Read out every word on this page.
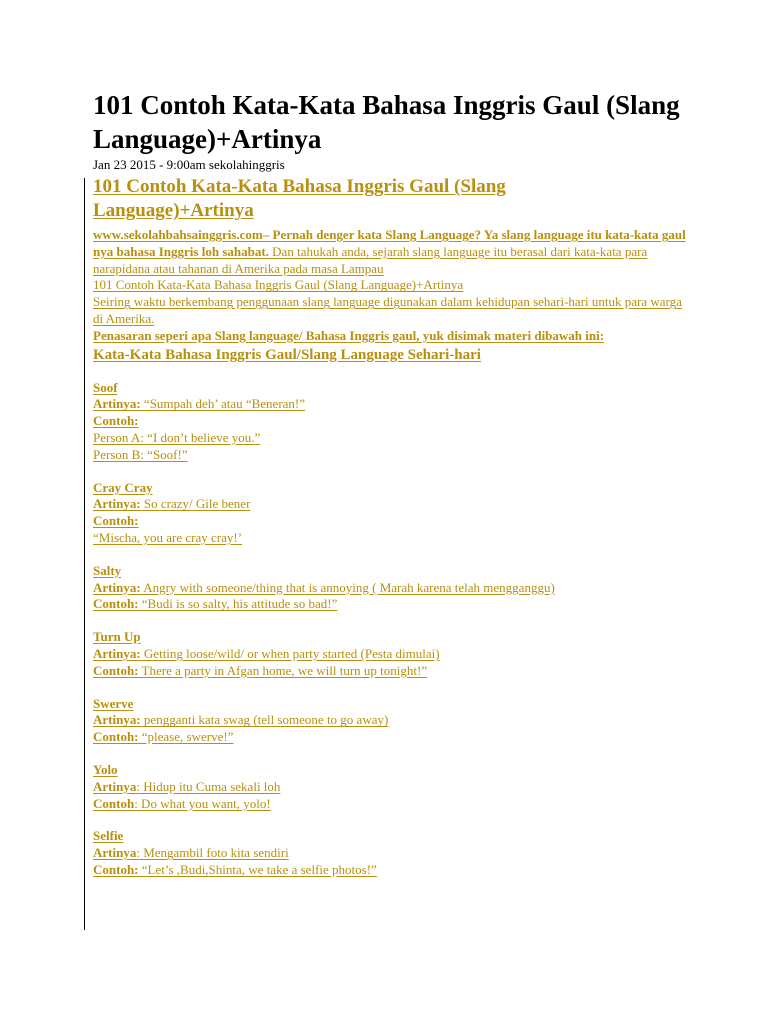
101 Contoh Kata-Kata Bahasa Inggris Gaul (Slang Language)+Artinya
Jan 23 2015 - 9:00am sekolahinggris
101 Contoh Kata-Kata Bahasa Inggris Gaul (Slang Language)+Artinya
www.sekolahbahsainggris.com– Pernah denger kata Slang Language? Ya slang language itu kata-kata gaul nya bahasa Inggris loh sahabat. Dan tahukah anda, sejarah slang language itu berasal dari kata-kata para narapidana atau tahanan di Amerika pada masa Lampau
101 Contoh Kata-Kata Bahasa Inggris Gaul (Slang Language)+Artinya
Seiring waktu berkembang penggunaan slang language digunakan dalam kehidupan sehari-hari untuk para warga di Amerika.
Penasaran seperi apa Slang language/ Bahasa Inggris gaul, yuk disimak materi dibawah ini:
Kata-Kata Bahasa Inggris Gaul/Slang Language Sehari-hari
Soof
Artinya: “Sumpah deh’ atau “Beneran!”
Contoh:
Person A: “I don’t believe you.”
Person B: “Soof!”
Cray Cray
Artinya: So crazy/ Gile bener
Contoh:
“Mischa, you are cray cray!’
Salty
Artinya: Angry with someone/thing that is annoying ( Marah karena telah mengganggu)
Contoh: “Budi is so salty, his attitude so bad!”
Turn Up
Artinya: Getting loose/wild/ or when party started (Pesta dimulai)
Contoh: There a party in Afgan home, we will turn up tonight!”
Swerve
Artinya: pengganti kata swag (tell someone to go away)
Contoh: “please, swerve!”
Yolo
Artinya: Hidup itu Cuma sekali loh
Contoh: Do what you want, yolo!
Selfie
Artinya: Mengambil foto kita sendiri
Contoh: “Let’s ,Budi,Shinta, we take a selfie photos!”
